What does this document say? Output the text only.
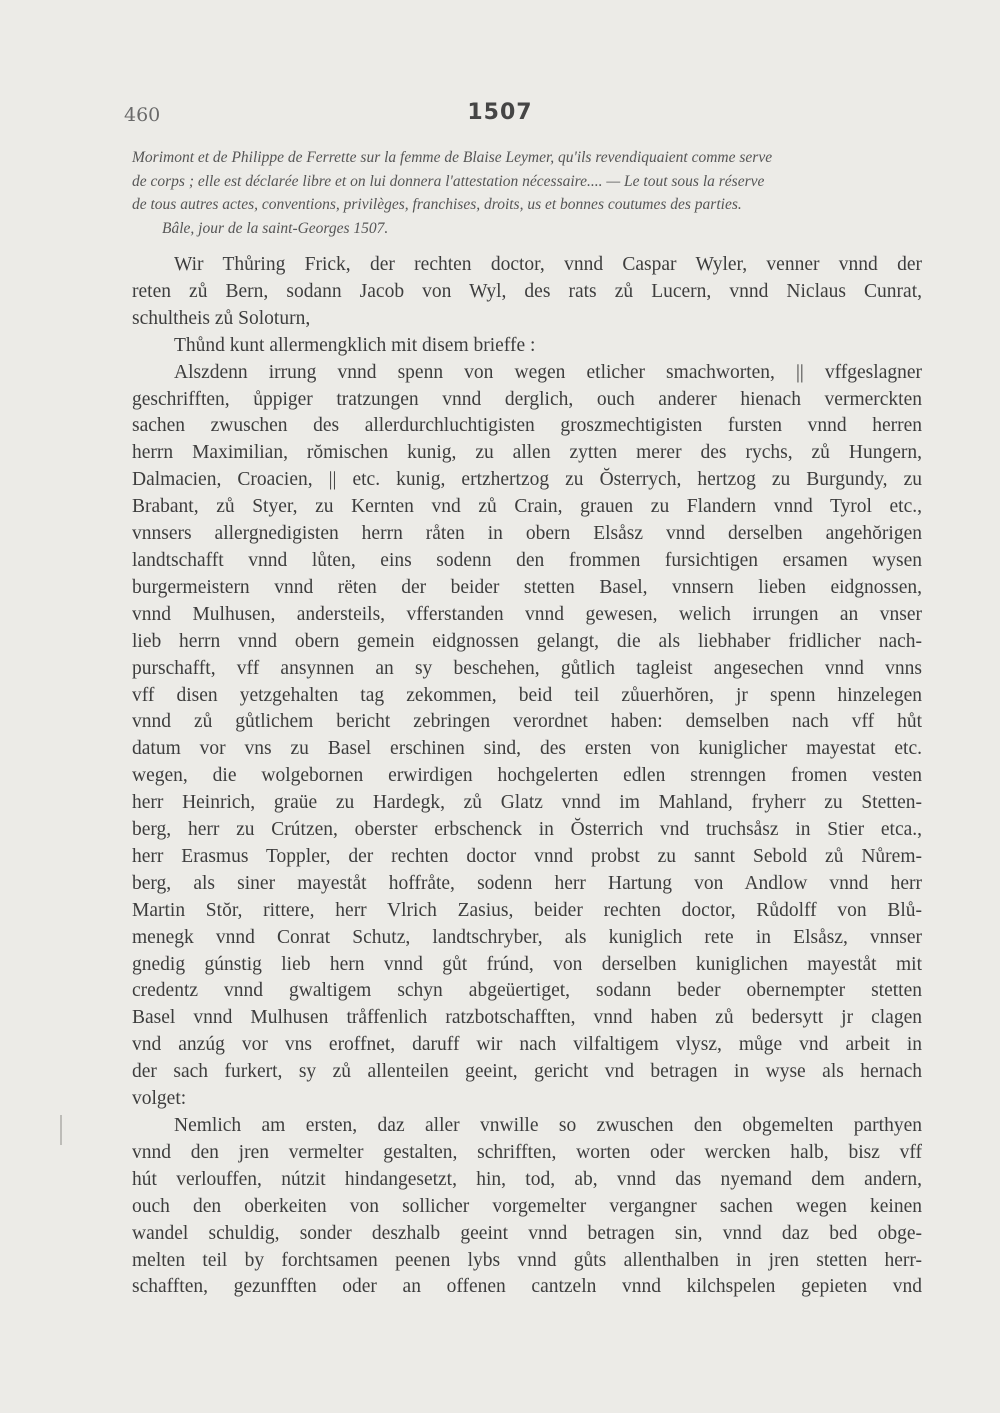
460	1507
Morimont et de Philippe de Ferrette sur la femme de Blaise Leymer, qu'ils revendiquaient comme serve
de corps ; elle est déclarée libre et on lui donnera l'attestation nécessaire.... — Le tout sous la réserve
de tous autres actes, conventions, privilèges, franchises, droits, us et bonnes coutumes des parties.
Bâle, jour de la saint-Georges 1507.
Wir Thůring Frick, der rechten doctor, vnnd Caspar Wyler, venner vnnd der
reten zů Bern, sodann Jacob von Wyl, des rats zů Lucern, vnnd Niclaus Cunrat,
schultheis zů Soloturn,
Thůnd kunt allermengklich mit disem brieffe :
Alszdenn irrung vnnd spenn von wegen etlicher smachworten, || vffgeslagner
geschrifften, ůppiger tratzungen vnnd derglich, ouch anderer hienach vermerckten
sachen zwuschen des allerdurchluchtigisten groszmechtigisten fursten vnnd herren
herrn Maximilian, rŏmischen kunig, zu allen zytten merer des rychs, zů Hungern,
Dalmacien, Croacien, || etc. kunig, ertzhertzog zu Ŏsterrych, hertzog zu Burgundy, zu
Brabant, zů Styer, zu Kernten vnd zů Crain, grauen zu Flandern vnnd Tyrol etc.,
vnnsers allergnedigisten herrn råten in obern Elsåsz vnnd derselben angehŏrigen
landtschafft vnnd lůten, eins sodenn den frommen fursichtigen ersamen wysen
burgermeistern vnnd rëten der beider stetten Basel, vnnsern lieben eidgnossen,
vnnd Mulhusen, andersteils, vfferstanden vnnd gewesen, welich irrungen an vnser
lieb herrn vnnd obern gemein eidgnossen gelangt, die als liebhaber fridlicher nach-
purschafft, vff ansynnen an sy beschehen, gůtlich tagleist angesechen vnnd vnns
vff disen yetzgehalten tag zekommen, beid teil zůuerhŏren, jr spenn hinzelegen
vnnd zů gůtlichem bericht zebringen verordnet haben: demselben nach vff hůt
datum vor vns zu Basel erschinen sind, des ersten von kuniglicher mayestat etc.
wegen, die wolgebornen erwirdigen hochgelerten edlen strenngen fromen vesten
herr Heinrich, graüe zu Hardegk, zů Glatz vnnd im Mahland, fryherr zu Stetten-
berg, herr zu Crútzen, oberster erbschenck in Ŏsterrich vnd truchsåsz in Stier etca.,
herr Erasmus Toppler, der rechten doctor vnnd probst zu sannt Sebold zů Nůrem-
berg, als siner mayeståt hoffråte, sodenn herr Hartung von Andlow vnnd herr
Martin Stŏr, rittere, herr Vlrich Zasius, beider rechten doctor, Růdolff von Blů-
menegk vnnd Conrat Schutz, landtschryber, als kuniglich rete in Elsåsz, vnnser
gnedig gúnstig lieb hern vnnd gůt frúnd, von derselben kuniglichen mayeståt mit
credentz vnnd gwaltigem schyn abgeüertiget, sodann beder obernempter stetten
Basel vnnd Mulhusen tråffenlich ratzbotschafften, vnnd haben zů bedersytt jr clagen
vnd anzúg vor vns eroffnet, daruff wir nach vilfaltigem vlysz, můge vnd arbeit in
der sach furkert, sy zů allenteilen geeint, gericht vnd betragen in wyse als hernach
volget:
Nemlich am ersten, daz aller vnwille so zwuschen den obgemelten parthyen
vnnd den jren vermelter gestalten, schrifften, worten oder wercken halb, bisz vff
hút verlouffen, nútzit hindangesetzt, hin, tod, ab, vnnd das nyemand dem andern,
ouch den oberkeiten von sollicher vorgemelter vergangner sachen wegen keinen
wandel schuldig, sonder deszhalb geeint vnnd betragen sin, vnnd daz bed obge-
melten teil by forchtsamen peenen lybs vnnd gůts allenthalben in jren stetten herr-
schafften, gezunfften oder an offenen cantzeln vnnd kilchspelen gepieten vnd
